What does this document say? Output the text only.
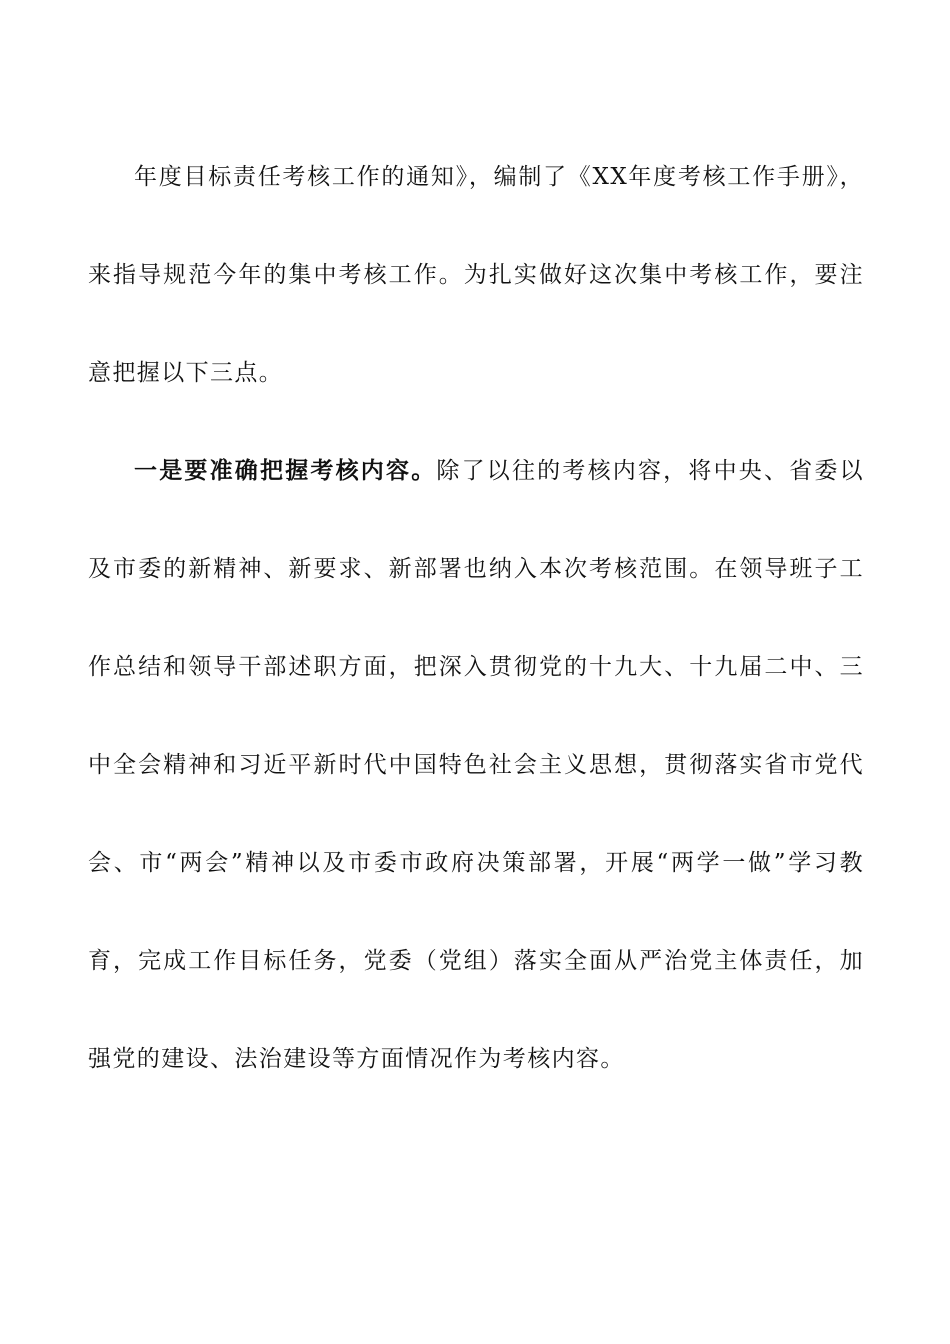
年度目标责任考核工作的通知》，编制了《XX年度考核工作手册》，来指导规范今年的集中考核工作。为扎实做好这次集中考核工作，要注意把握以下三点。

一是要准确把握考核内容。除了以往的考核内容，将中央、省委以及市委的新精神、新要求、新部署也纳入本次考核范围。在领导班子工作总结和领导干部述职方面，把深入贯彻党的十九大、十九届二中、三中全会精神和习近平新时代中国特色社会主义思想，贯彻落实省市党代会、市“两会”精神以及市委市政府决策部署，开展“两学一做”学习教育，完成工作目标任务，党委（党组）落实全面从严治党主体责任，加强党的建设、法治建设等方面情况作为考核内容。
